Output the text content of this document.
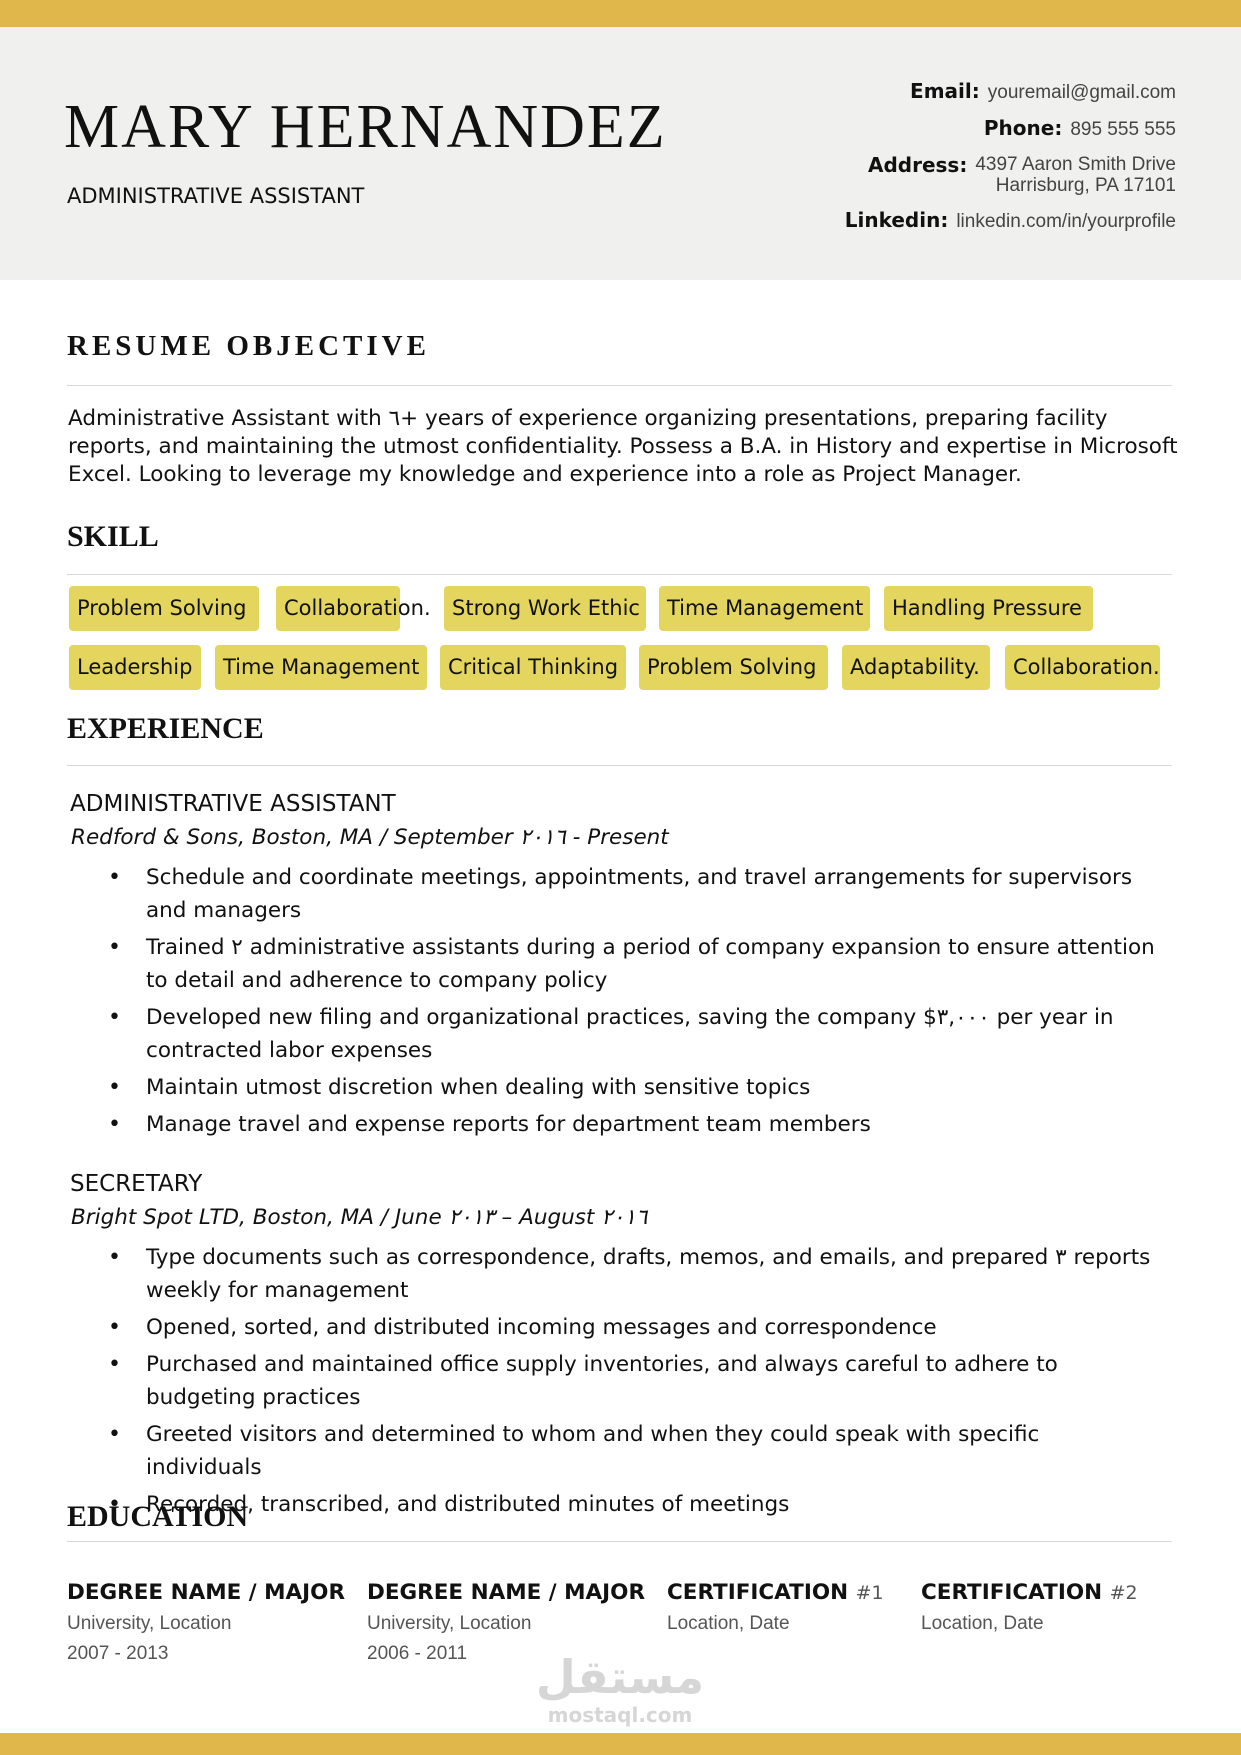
MARY HERNANDEZ
ADMINISTRATIVE ASSISTANT
Email: youremail@gmail.com
Phone: 895 555 555
Address: 4397 Aaron Smith Drive
Harrisburg, PA 17101
Linkedin: linkedin.com/in/yourprofile
RESUME OBJECTIVE

Administrative Assistant with ٦+ years of experience organizing presentations, preparing facility reports, and maintaining the utmost confidentiality. Possess a B.A. in History and expertise in Microsoft Excel. Looking to leverage my knowledge and experience into a role as Project Manager.

SKILL
Problem Solving	Collaboration.	Strong Work Ethic	Time Management	Handling Pressure
Leadership	Time Management	Critical Thinking	Problem Solving	Adaptability.	Collaboration.
EXPERIENCE
ADMINISTRATIVE ASSISTANT
Redford & Sons, Boston, MA / September ٢٠١٦ - Present
• Schedule and coordinate meetings, appointments, and travel arrangements for supervisors and managers
• Trained ٢ administrative assistants during a period of company expansion to ensure attention to detail and adherence to company policy
• Developed new filing and organizational practices, saving the company $٣,٠٠٠ per year in contracted labor expenses
• Maintain utmost discretion when dealing with sensitive topics
• Manage travel and expense reports for department team members
SECRETARY
Bright Spot LTD, Boston, MA / June ٢٠١٣ – August ٢٠١٦
• Type documents such as correspondence, drafts, memos, and emails, and prepared ٣ reports weekly for management
• Opened, sorted, and distributed incoming messages and correspondence
• Purchased and maintained office supply inventories, and always careful to adhere to budgeting practices
• Greeted visitors and determined to whom and when they could speak with specific individuals
• Recorded, transcribed, and distributed minutes of meetings
EDUCATION
DEGREE NAME / MAJOR
University, Location
2007 - 2013
DEGREE NAME / MAJOR
University, Location
2006 - 2011
CERTIFICATION #1
Location, Date
CERTIFICATION #2
Location, Date
مستقل
mostaql.com
